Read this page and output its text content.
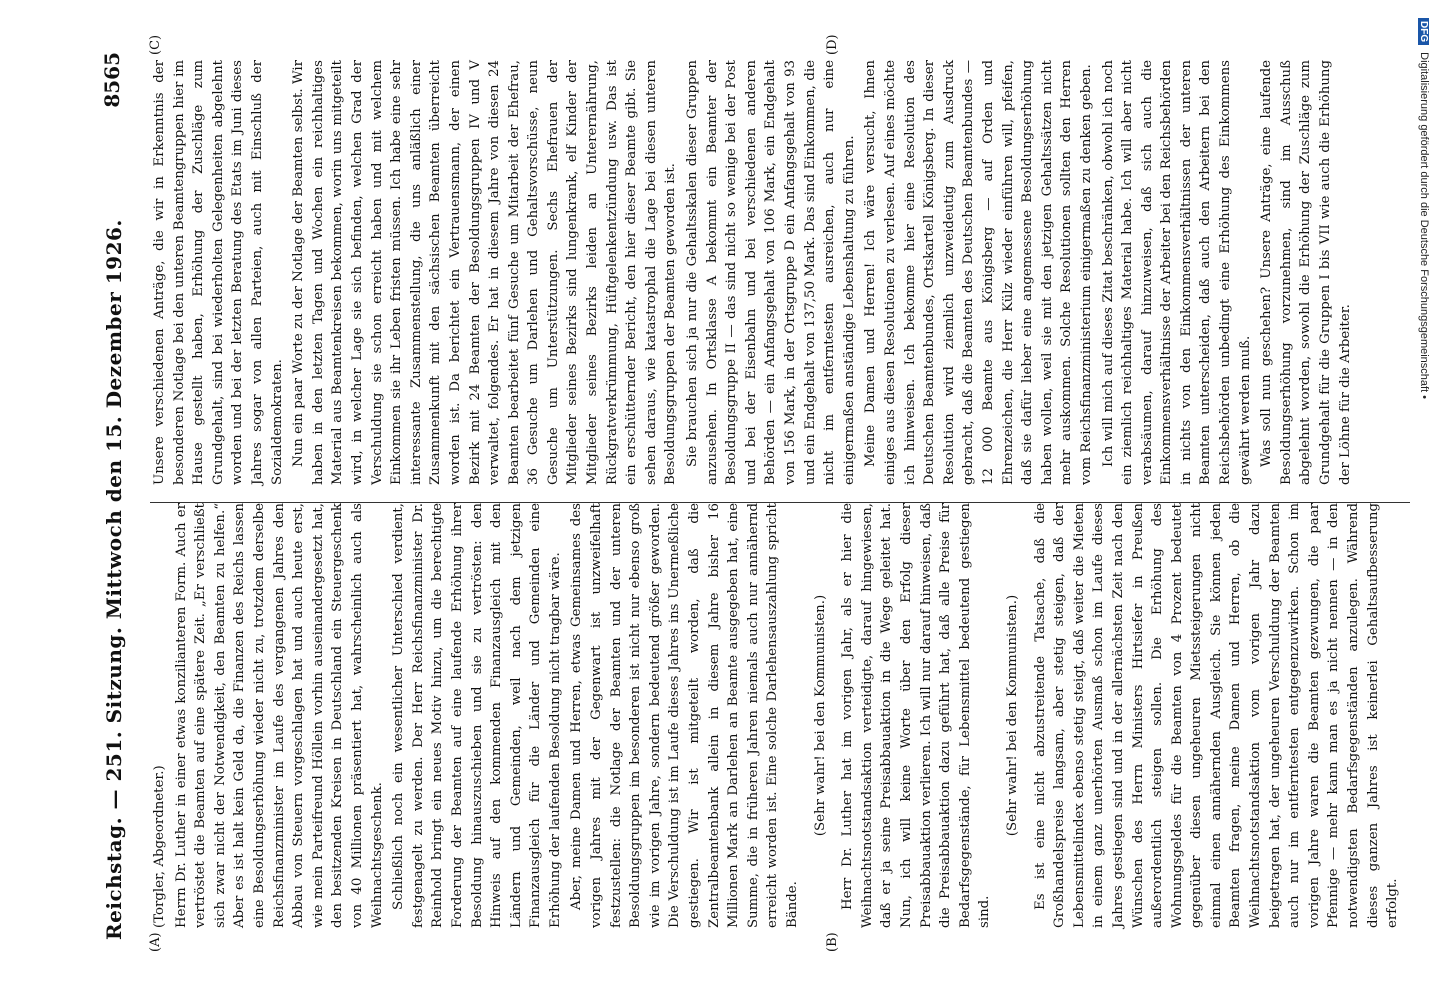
Reichstag. — 251. Sitzung. Mittwoch den 15. Dezember 1926.
8565
(A)	(B)
(C)	(D)

(Torgler, Abgeordneter.) Herrn Dr. Luther in einer etwas konzilianteren Form. Auch er vertröstet die Beamten auf eine spätere Zeit. „Er verschließt sich zwar nicht der Notwendigkeit, den Beamten zu helfen.“ Aber es ist halt kein Geld da, die Finanzen des Reichs lassen eine Besoldungserhöhung wieder nicht zu, trotzdem derselbe Reichsfinanzminister im Laufe des vergangenen Jahres den Abbau von Steuern vorgeschlagen hat und auch heute erst, wie mein Parteifreund Höllein vorhin auseinandergesetzt hat, den besitzenden Kreisen in Deutschland ein Steuergeschenk von 40 Millionen präsentiert hat, wahrscheinlich auch als Weihnachtsgeschenk. Schließlich noch ein wesentlicher Unterschied verdient, festgenagelt zu werden. Der Herr Reichsfinanzminister Dr. Reinhold bringt ein neues Motiv hinzu, um die berechtigte Forderung der Beamten auf eine laufende Erhöhung ihrer Besoldung hinauszuschieben und sie zu vertrösten: den Hinweis auf den kommenden Finanzausgleich mit den Ländern und Gemeinden, weil nach dem jetzigen Finanzausgleich für die Länder und Gemeinden eine Erhöhung der laufenden Besoldung nicht tragbar wäre. Aber, meine Damen und Herren, etwas Gemeinsames des vorigen Jahres mit der Gegenwart ist unzweifelhaft festzustellen: die Notlage der Beamten und der unteren Besoldungsgruppen im besonderen ist nicht nur ebenso groß wie im vorigen Jahre, sondern bedeutend größer geworden. Die Verschuldung ist im Laufe dieses Jahres ins Unermeßliche gestiegen. Wir ist mitgeteilt worden, daß die Zentralbeamtenbank allein in diesem Jahre bisher 16 Millionen Mark an Darlehen an Beamte ausgegeben hat, eine Summe, die in früheren Jahren niemals auch nur annähernd erreicht worden ist. Eine solche Darlehensauszahlung spricht Bände.

(Sehr wahr! bei den Kommunisten.) Herr Dr. Luther hat im vorigen Jahr, als er hier die Weihnachtsnotstandsaktion verteidigte, darauf hingewiesen, daß er ja seine Preisabbauaktion in die Wege geleitet hat. Nun, ich will keine Worte über den Erfolg dieser Preisabbauaktion verlieren. Ich will nur darauf hinweisen, daß die Preisabbauaktion dazu geführt hat, daß alle Preise für Bedarfsgegenstände, für Lebensmittel bedeutend gestiegen sind.

(Sehr wahr! bei den Kommunisten.) Es ist eine nicht abzustreitende Tatsache, daß die Großhandelspreise langsam, aber stetig steigen, daß der Lebensmittelindex ebenso stetig steigt, daß weiter die Mieten in einem ganz unerhörten Ausmaß schon im Laufe dieses Jahres gestiegen sind und in der allernächsten Zeit nach den Wünschen des Herrn Ministers Hirtsiefer in Preußen außerordentlich steigen sollen. Die Erhöhung des Wohnungsgeldes für die Beamten von 4 Prozent bedeutet gegenüber diesen ungeheuren Mietssteigerungen nicht einmal einen annähernden Ausgleich. Sie können jeden Beamten fragen, meine Damen und Herren, ob die Weihnachtsnotstandsaktion vom vorigen Jahr dazu beigetragen hat, der ungeheuren Verschuldung der Beamten auch nur im entferntesten entgegenzuwirken. Schon im vorigen Jahre waren die Beamten gezwungen, die paar Pfennige — mehr kann man es ja nicht nennen — in den notwendigsten Bedarfsgegenständen anzulegen. Während dieses ganzen Jahres ist keinerlei Gehaltsaufbesserung erfolgt.

Unsere verschiedenen Anträge, die wir in Erkenntnis der besonderen Notlage bei den unteren Beamtengruppen hier im Hause gestellt haben, Erhöhung der Zuschläge zum Grundgehalt, sind bei wiederholten Gelegenheiten abgelehnt worden und bei der letzten Beratung des Etats im Juni dieses Jahres sogar von allen Parteien, auch mit Einschluß der Sozialdemokraten. Nun ein paar Worte zu der Notlage der Beamten selbst. Wir haben in den letzten Tagen und Wochen ein reichhaltiges Material aus Beamtenkreisen bekommen, worin uns mitgeteilt wird, in welcher Lage sie sich befinden, welchen Grad der Verschuldung sie schon erreicht haben und mit welchem Einkommen sie ihr Leben fristen müssen. Ich habe eine sehr interessante Zusammenstellung, die uns anläßlich einer Zusammenkunft mit den sächsischen Beamten überreicht worden ist. Da berichtet ein Vertrauensmann, der einen Bezirk mit 24 Beamten der Besoldungsgruppen IV und V verwaltet, folgendes. Er hat in diesem Jahre von diesen 24 Beamten bearbeitet fünf Gesuche um Mitarbeit der Ehefrau, 36 Gesuche um Darlehen und Gehaltsvorschüsse, neun Gesuche um Unterstützungen. Sechs Ehefrauen der Mitglieder seines Bezirks sind lungenkrank, elf Kinder der Mitglieder seines Bezirks leiden an Unterernährung, Rückgratverkrümmung, Hüftgelenkentzündung usw. Das ist ein erschütternder Bericht, den hier dieser Beamte gibt. Sie sehen daraus, wie katastrophal die Lage bei diesen unteren Besoldungsgruppen der Beamten geworden ist. Sie brauchen sich ja nur die Gehaltsskalen dieser Gruppen anzusehen. In Ortsklasse A bekommt ein Beamter der Besoldungsgruppe II — das sind nicht so wenige bei der Post und bei der Eisenbahn und bei verschiedenen anderen Behörden — ein Anfangsgehalt von 106 Mark, ein Endgehalt von 156 Mark, in der Ortsgruppe D ein Anfangsgehalt von 93 und ein Endgehalt von 137,50 Mark. Das sind Einkommen, die nicht im entferntesten ausreichen, auch nur eine einigermaßen anständige Lebenshaltung zu führen. Meine Damen und Herren! Ich wäre versucht, Ihnen einiges aus diesen Resolutionen zu verlesen. Auf eines möchte ich hinweisen. Ich bekomme hier eine Resolution des Deutschen Beamtenbundes, Ortskartell Königsberg. In dieser Resolution wird ziemlich unzweideutig zum Ausdruck gebracht, daß die Beamten des Deutschen Beamtenbundes — 12 000 Beamte aus Königsberg — auf Orden und Ehrenzeichen, die Herr Külz wieder einführen will, pfeifen, daß sie dafür lieber eine angemessene Besoldungserhöhung haben wollen, weil sie mit den jetzigen Gehaltssätzen nicht mehr auskommen. Solche Resolutionen sollten den Herren vom Reichsfinanzministerium einigermaßen zu denken geben. Ich will mich auf dieses Zitat beschränken, obwohl ich noch ein ziemlich reichhaltiges Material habe. Ich will aber nicht verabsäumen, darauf hinzuweisen, daß sich auch die Einkommensverhältnisse der Arbeiter bei den Reichsbehörden in nichts von den Einkommensverhältnissen der unteren Beamten unterscheiden, daß auch den Arbeitern bei den Reichsbehörden unbedingt eine Erhöhung des Einkommens gewährt werden muß. Was soll nun geschehen? Unsere Anträge, eine laufende Besoldungserhöhung vorzunehmen, sind im Ausschuß abgelehnt worden, sowohl die Erhöhung der Zuschläge zum Grundgehalt für die Gruppen I bis VII wie auch die Erhöhung der Löhne für die Arbeiter.

DFG Digitalisierung gefördert durch die Deutsche Forschungsgemeinschaft •
